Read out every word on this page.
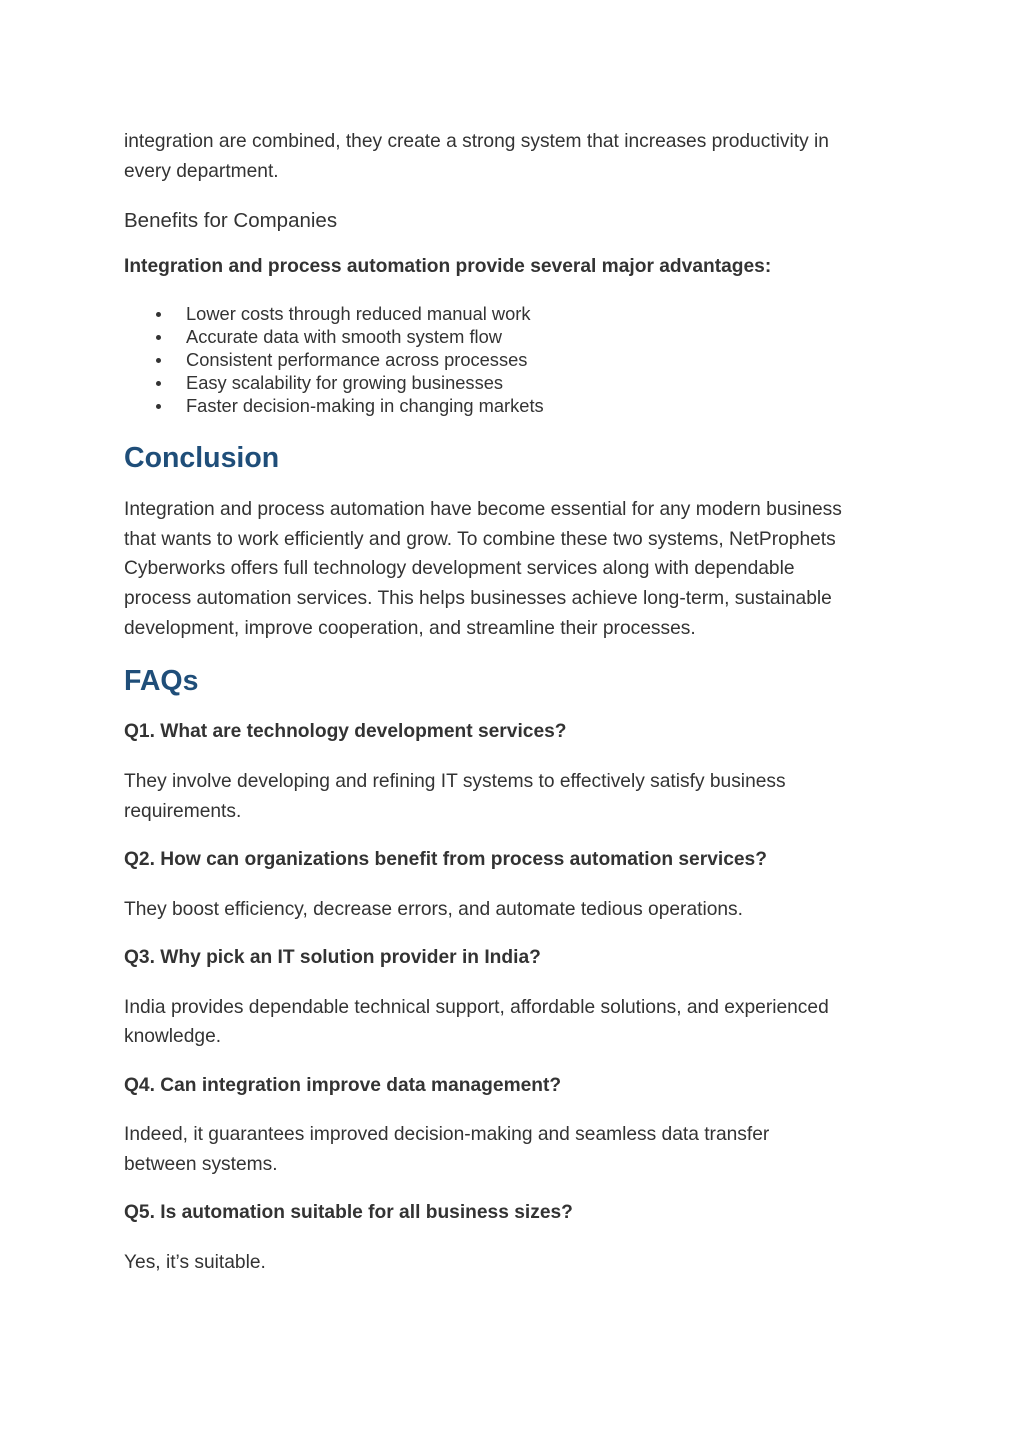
integration are combined, they create a strong system that increases productivity in
every department.
Benefits for Companies
Integration and process automation provide several major advantages:
Lower costs through reduced manual work
Accurate data with smooth system flow
Consistent performance across processes
Easy scalability for growing businesses
Faster decision-making in changing markets
Conclusion
Integration and process automation have become essential for any modern business
that wants to work efficiently and grow. To combine these two systems, NetProphets
Cyberworks offers full technology development services along with dependable
process automation services. This helps businesses achieve long-term, sustainable
development, improve cooperation, and streamline their processes.
FAQs
Q1. What are technology development services?
They involve developing and refining IT systems to effectively satisfy business
requirements.
Q2. How can organizations benefit from process automation services?
They boost efficiency, decrease errors, and automate tedious operations.
Q3. Why pick an IT solution provider in India?
India provides dependable technical support, affordable solutions, and experienced
knowledge.
Q4. Can integration improve data management?
Indeed, it guarantees improved decision-making and seamless data transfer
between systems.
Q5. Is automation suitable for all business sizes?
Yes, it’s suitable.
